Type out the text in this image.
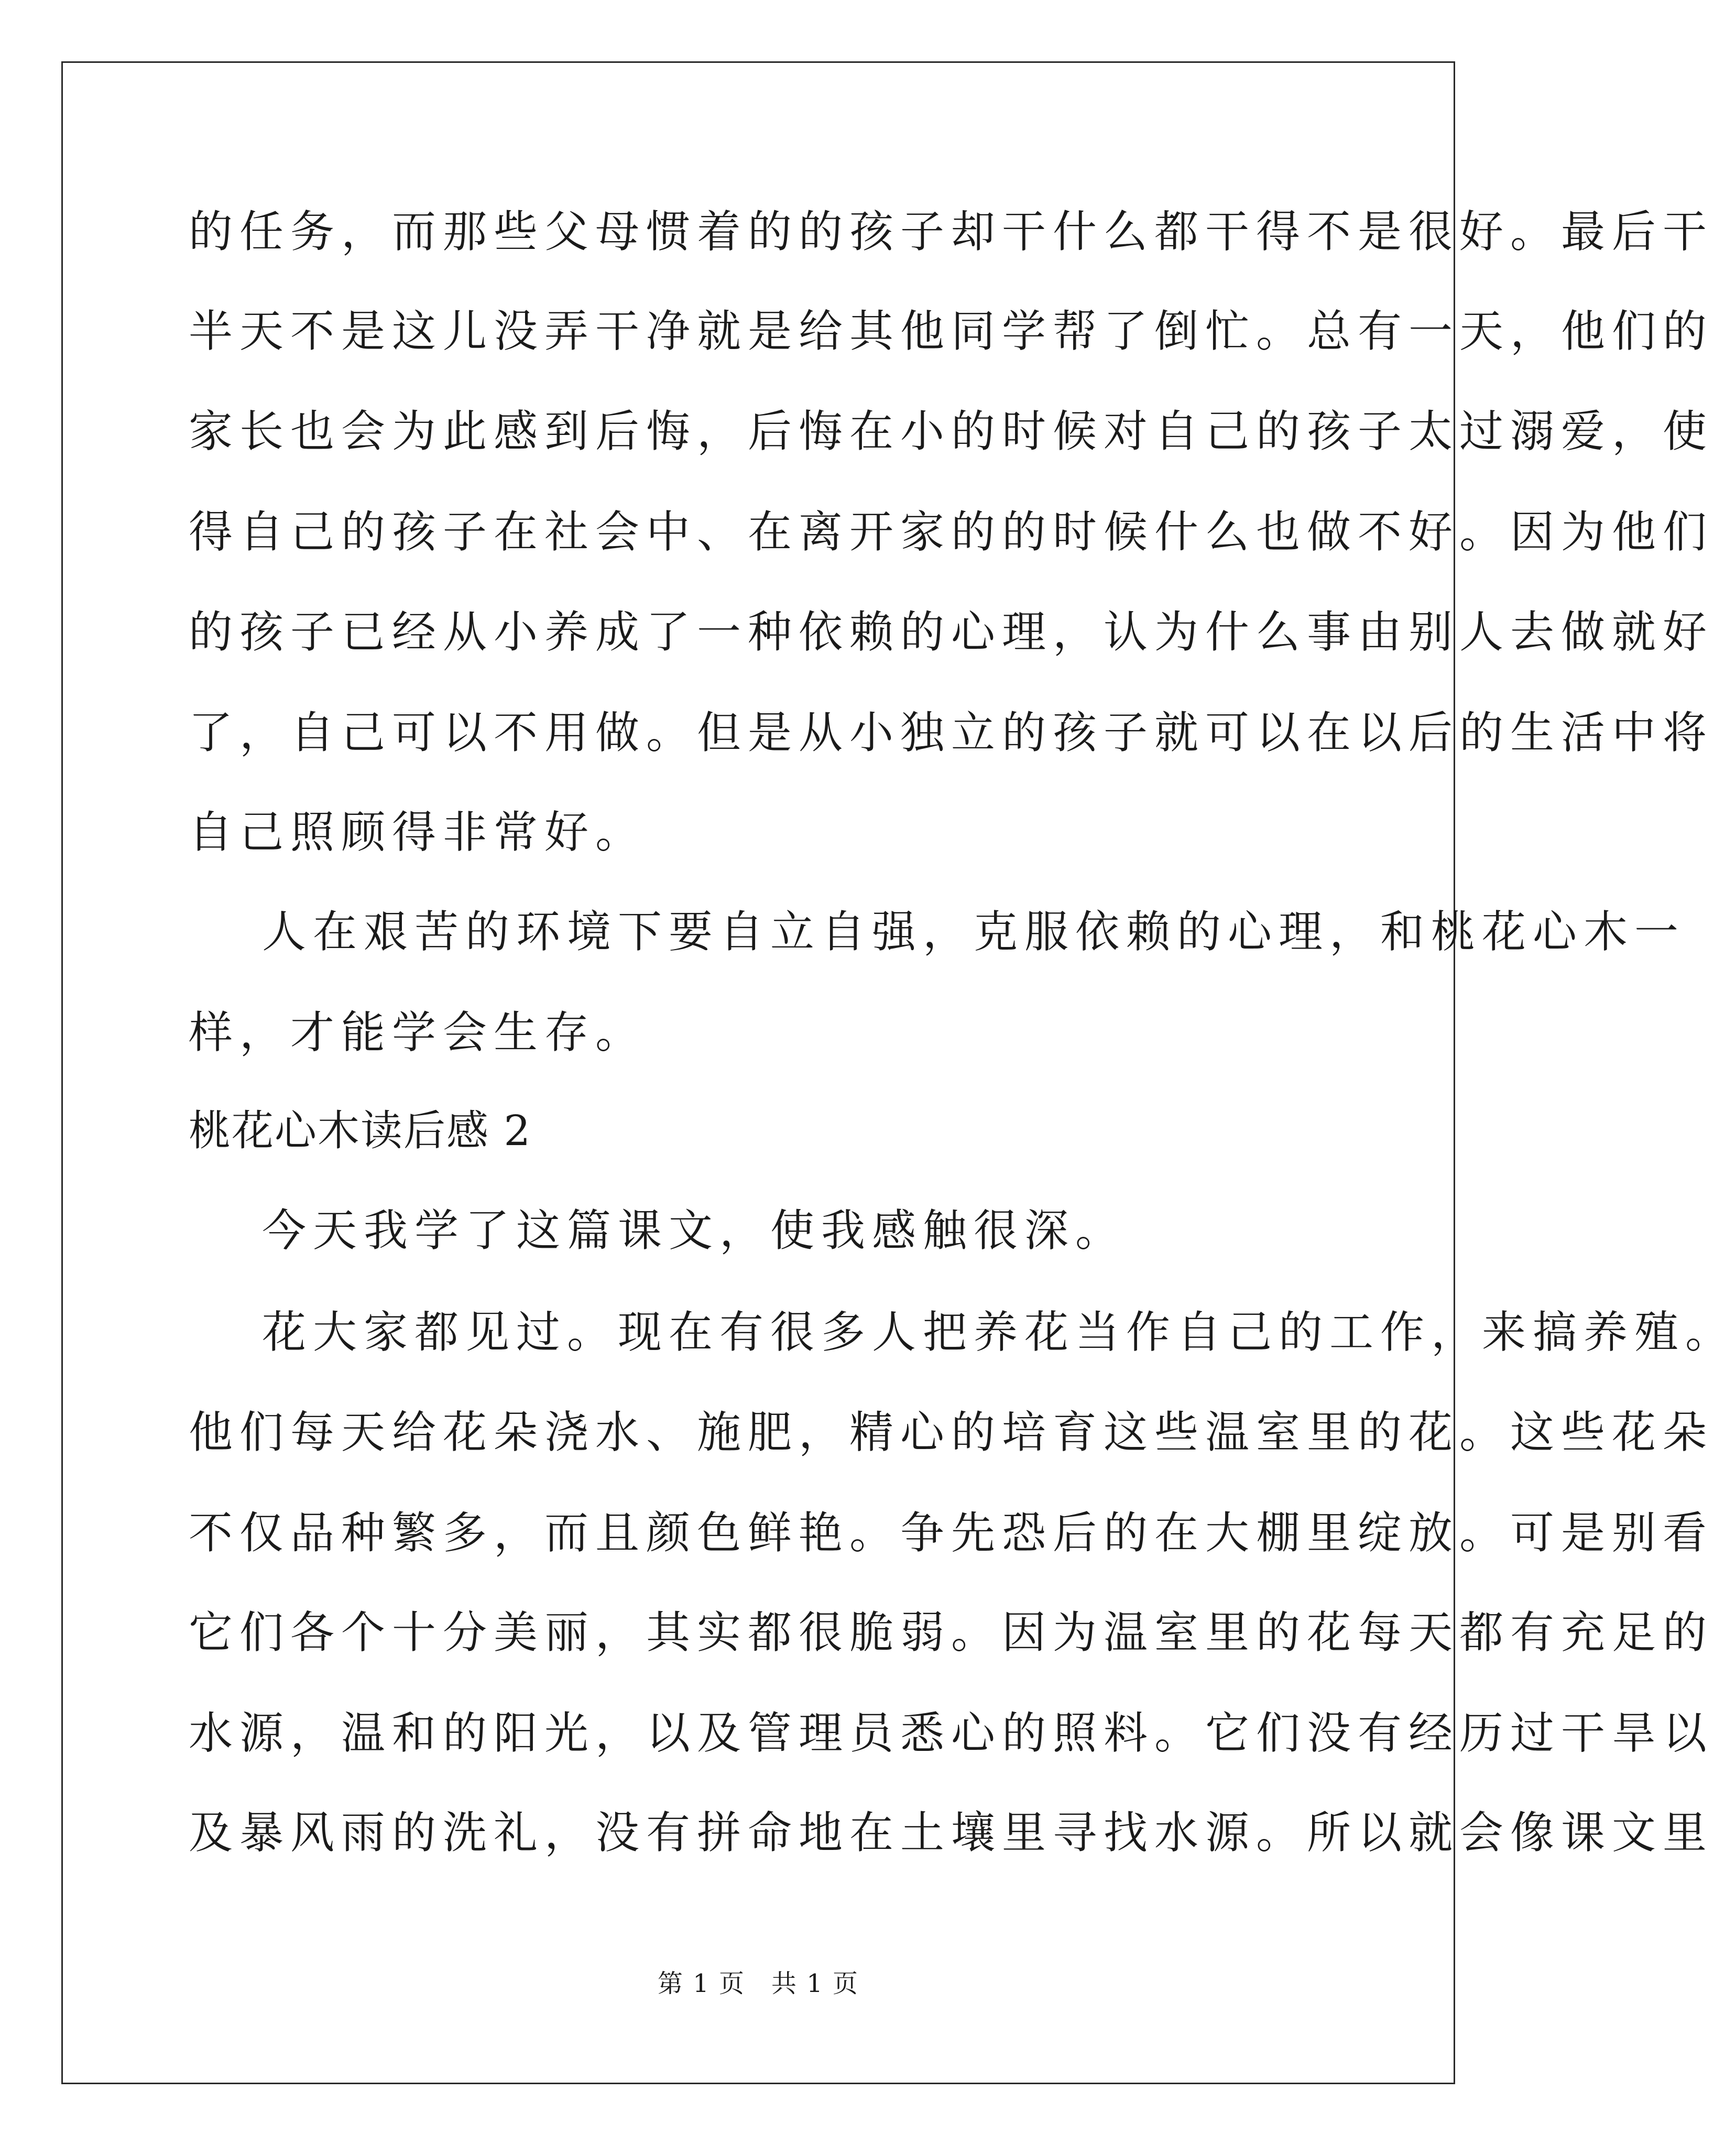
的任务，而那些父母惯着的的孩子却干什么都干得不是很好。最后干
半天不是这儿没弄干净就是给其他同学帮了倒忙。总有一天，他们的
家长也会为此感到后悔，后悔在小的时候对自己的孩子太过溺爱，使
得自己的孩子在社会中、在离开家的的时候什么也做不好。因为他们
的孩子已经从小养成了一种依赖的心理，认为什么事由别人去做就好
了，自己可以不用做。但是从小独立的孩子就可以在以后的生活中将
自己照顾得非常好。
人在艰苦的环境下要自立自强，克服依赖的心理，和桃花心木一
样，才能学会生存。
桃花心木读后感 2
今天我学了这篇课文，使我感触很深。
花大家都见过。现在有很多人把养花当作自己的工作，来搞养殖。
他们每天给花朵浇水、施肥，精心的培育这些温室里的花。这些花朵
不仅品种繁多，而且颜色鲜艳。争先恐后的在大棚里绽放。可是别看
它们各个十分美丽，其实都很脆弱。因为温室里的花每天都有充足的
水源，温和的阳光，以及管理员悉心的照料。它们没有经历过干旱以
及暴风雨的洗礼，没有拼命地在土壤里寻找水源。所以就会像课文里
第 1 页　共 1 页
